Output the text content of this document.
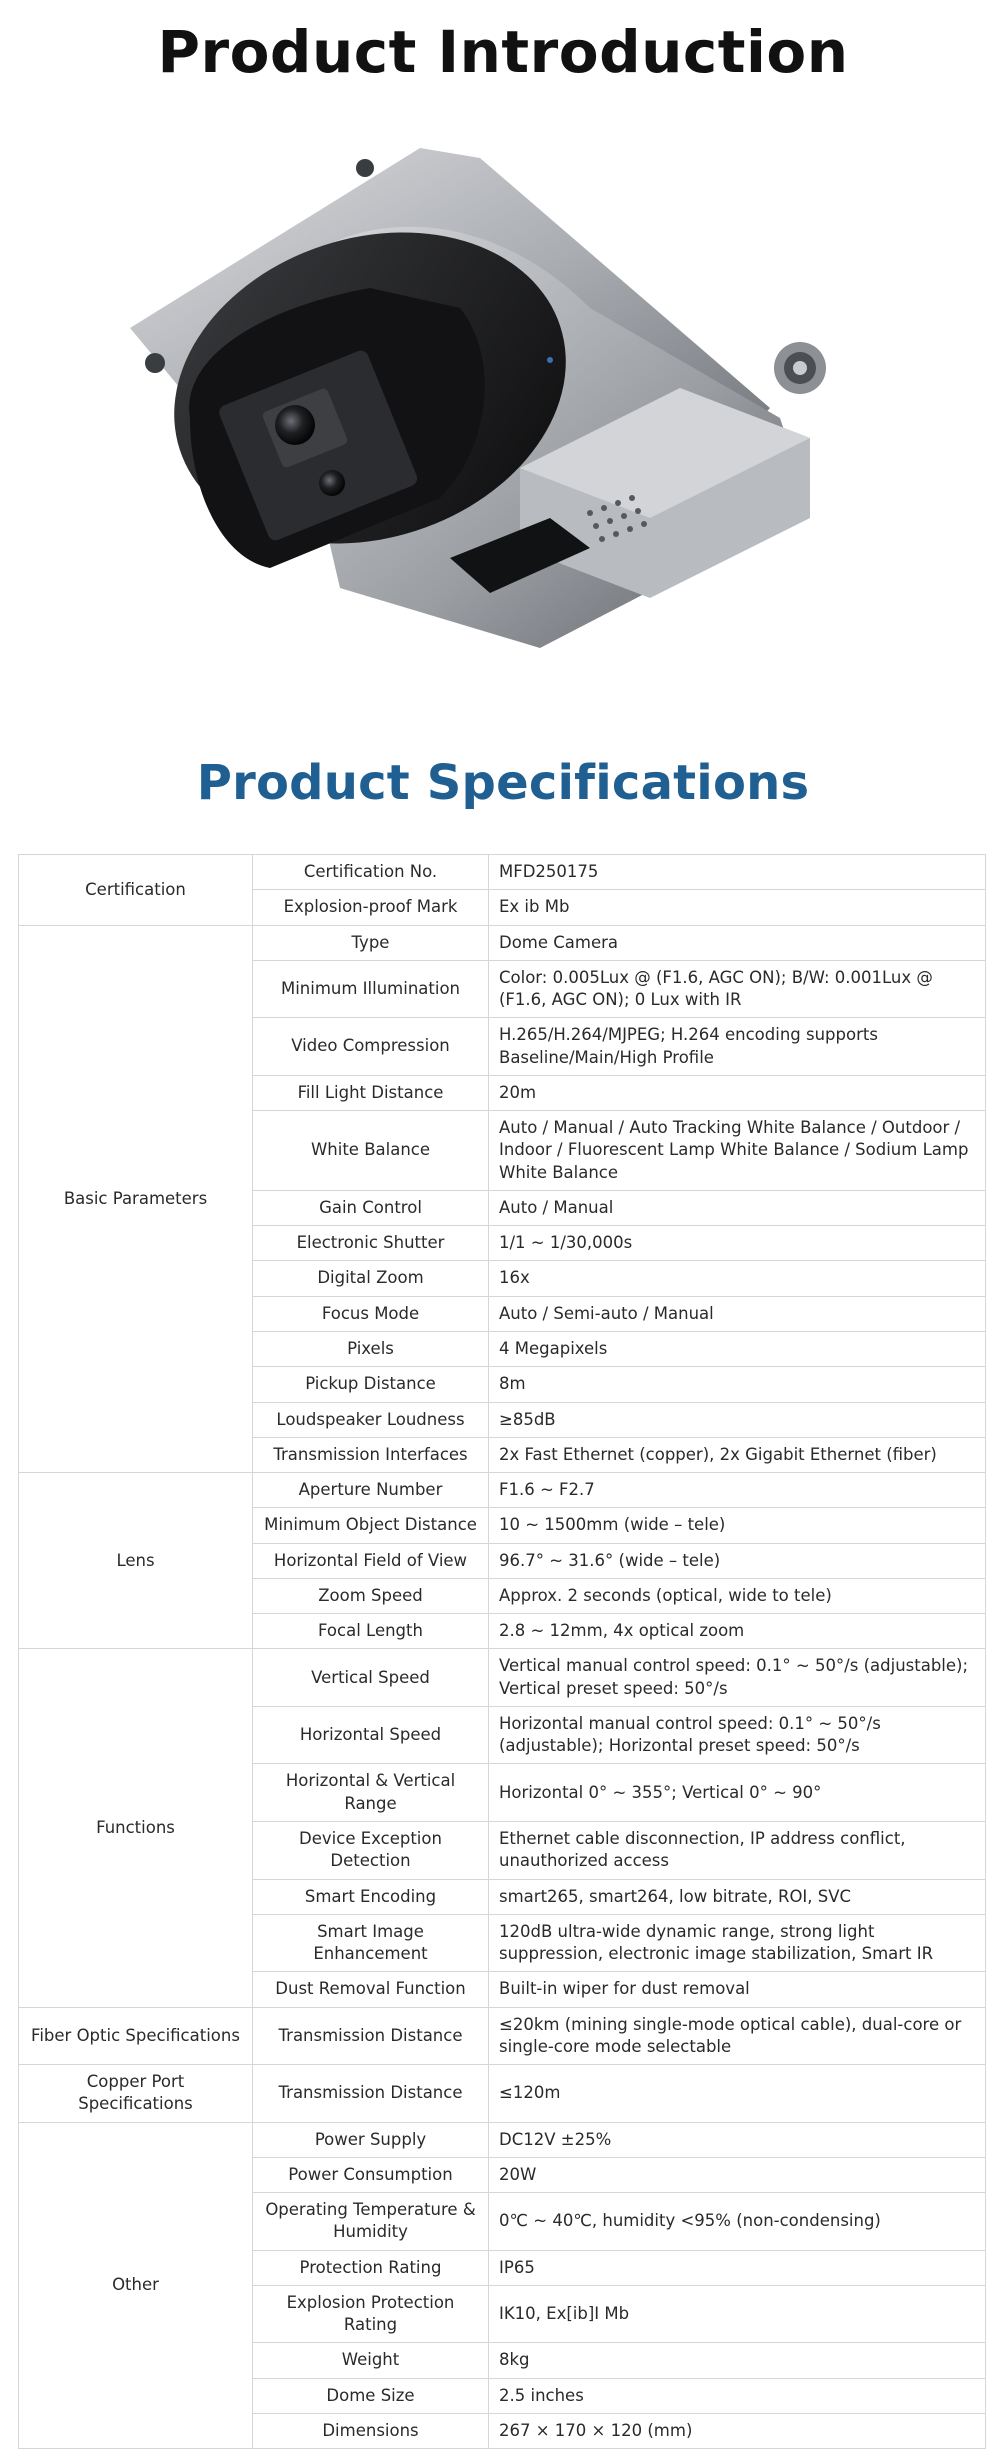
Product Introduction
Product Specifications
Certification	Certification No.	MFD250175
	Explosion-proof Mark	Ex ib Mb
Basic Parameters	Type	Dome Camera
	Minimum Illumination	Color: 0.005Lux @ (F1.6, AGC ON); B/W: 0.001Lux @ (F1.6, AGC ON); 0 Lux with IR
	Video Compression	H.265/H.264/MJPEG; H.264 encoding supports Baseline/Main/High Profile
	Fill Light Distance	20m
	White Balance	Auto / Manual / Auto Tracking White Balance / Outdoor / Indoor / Fluorescent Lamp White Balance / Sodium Lamp White Balance
	Gain Control	Auto / Manual
	Electronic Shutter	1/1 ~ 1/30,000s
	Digital Zoom	16x
	Focus Mode	Auto / Semi-auto / Manual
	Pixels	4 Megapixels
	Pickup Distance	8m
	Loudspeaker Loudness	≥85dB
	Transmission Interfaces	2x Fast Ethernet (copper), 2x Gigabit Ethernet (fiber)
Lens	Aperture Number	F1.6 ~ F2.7
	Minimum Object Distance	10 ~ 1500mm (wide – tele)
	Horizontal Field of View	96.7° ~ 31.6° (wide – tele)
	Zoom Speed	Approx. 2 seconds (optical, wide to tele)
	Focal Length	2.8 ~ 12mm, 4x optical zoom
Functions	Vertical Speed	Vertical manual control speed: 0.1° ~ 50°/s (adjustable); Vertical preset speed: 50°/s
	Horizontal Speed	Horizontal manual control speed: 0.1° ~ 50°/s (adjustable); Horizontal preset speed: 50°/s
	Horizontal & Vertical Range	Horizontal 0° ~ 355°; Vertical 0° ~ 90°
	Device Exception Detection	Ethernet cable disconnection, IP address conflict, unauthorized access
	Smart Encoding	smart265, smart264, low bitrate, ROI, SVC
	Smart Image Enhancement	120dB ultra-wide dynamic range, strong light suppression, electronic image stabilization, Smart IR
	Dust Removal Function	Built-in wiper for dust removal
Fiber Optic Specifications	Transmission Distance	≤20km (mining single-mode optical cable), dual-core or single-core mode selectable
Copper Port Specifications	Transmission Distance	≤120m
Other	Power Supply	DC12V ±25%
	Power Consumption	20W
	Operating Temperature & Humidity	0℃ ~ 40℃, humidity <95% (non-condensing)
	Protection Rating	IP65
	Explosion Protection Rating	IK10, Ex[ib]I Mb
	Weight	8kg
	Dome Size	2.5 inches
	Dimensions	267 × 170 × 120 (mm)
